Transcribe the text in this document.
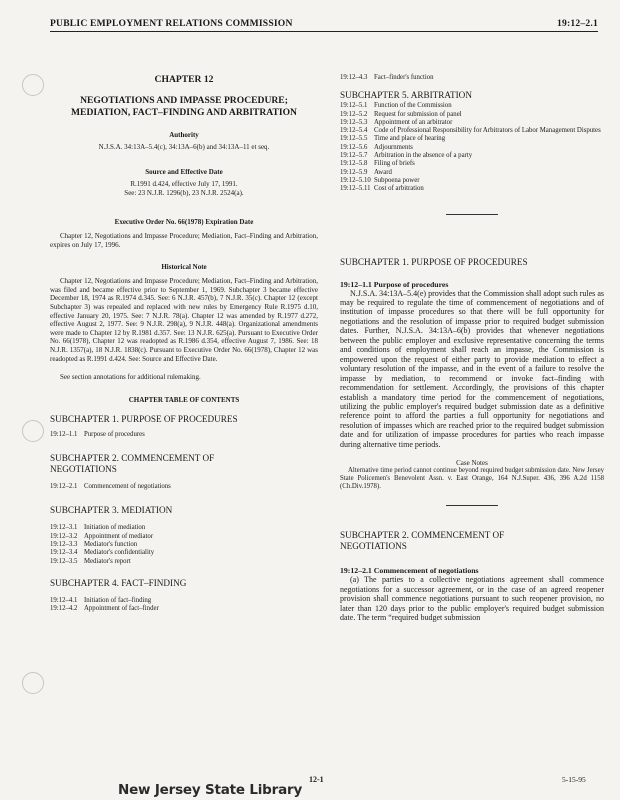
PUBLIC EMPLOYMENT RELATIONS COMMISSION	19:12–2.1
CHAPTER 12
NEGOTIATIONS AND IMPASSE PROCEDURE; MEDIATION, FACT–FINDING AND ARBITRATION
Authority
N.J.S.A. 34:13A–5.4(c), 34:13A–6(b) and 34:13A–11 et seq.
Source and Effective Date
R.1991 d.424, effective July 17, 1991.
See: 23 N.J.R. 1296(b), 23 N.J.R. 2524(a).
Executive Order No. 66(1978) Expiration Date
Chapter 12, Negotiations and Impasse Procedure; Mediation, Fact–Finding and Arbitration, expires on July 17, 1996.
Historical Note
Chapter 12, Negotiations and Impasse Procedure; Mediation, Fact–Finding and Arbitration, was filed and became effective prior to September 1, 1969. Subchapter 3 became effective December 18, 1974 as R.1974 d.345. See: 6 N.J.R. 457(b), 7 N.J.R. 35(c). Chapter 12 (except Subchapter 3) was repealed and replaced with new rules by Emergency Rule R.1975 d.10, effective January 20, 1975. See: 7 N.J.R. 78(a). Chapter 12 was amended by R.1977 d.272, effective August 2, 1977. See: 9 N.J.R. 298(a), 9 N.J.R. 448(a). Organizational amendments were made to Chapter 12 by R.1981 d.357. See: 13 N.J.R. 625(a). Pursuant to Executive Order No. 66(1978), Chapter 12 was readopted as R.1986 d.354, effective August 7, 1986. See: 18 N.J.R. 1357(a), 18 N.J.R. 1838(c). Pursuant to Executive Order No. 66(1978), Chapter 12 was readopted as R.1991 d.424. See: Source and Effective Date.
See section annotations for additional rulemaking.
CHAPTER TABLE OF CONTENTS
SUBCHAPTER 1. PURPOSE OF PROCEDURES
19:12–1.1 Purpose of procedures
SUBCHAPTER 2. COMMENCEMENT OF NEGOTIATIONS
19:12–2.1 Commencement of negotiations
SUBCHAPTER 3. MEDIATION
19:12–3.1 Initiation of mediation
19:12–3.2 Appointment of mediator
19:12–3.3 Mediator's function
19:12–3.4 Mediator's confidentiality
19:12–3.5 Mediator's report
SUBCHAPTER 4. FACT–FINDING
19:12–4.1 Initiation of fact–finding
19:12–4.2 Appointment of fact–finder
19:12–4.3 Fact–finder's function
SUBCHAPTER 5. ARBITRATION
19:12–5.1 Function of the Commission
19:12–5.2 Request for submission of panel
19:12–5.3 Appointment of an arbitrator
19:12–5.4 Code of Professional Responsibility for Arbitrators of Labor Management Disputes
19:12–5.5 Time and place of hearing
19:12–5.6 Adjournments
19:12–5.7 Arbitration in the absence of a party
19:12–5.8 Filing of briefs
19:12–5.9 Award
19:12–5.10 Subpoena power
19:12–5.11 Cost of arbitration
SUBCHAPTER 1. PURPOSE OF PROCEDURES
19:12–1.1 Purpose of procedures
N.J.S.A. 34:13A–5.4(e) provides that the Commission shall adopt such rules as may be required to regulate the time of commencement of negotiations and of institution of impasse procedures so that there will be full opportunity for negotiations and the resolution of impasse prior to required budget submission dates. Further, N.J.S.A. 34:13A–6(b) provides that whenever negotiations between the public employer and exclusive representative concerning the terms and conditions of employment shall reach an impasse, the Commission is empowered upon the request of either party to provide mediation to effect a voluntary resolution of the impasse, and in the event of a failure to resolve the impasse by mediation, to recommend or invoke fact–finding with recommendation for settlement. Accordingly, the provisions of this chapter establish a mandatory time period for the commencement of negotiations, utilizing the public employer's required budget submission date as a definitive reference point to afford the parties a full opportunity for negotiations and resolution of impasses which are reached prior to the required budget submission date and for utilization of impasse procedures for parties who reach impasse during alternative time periods.
Case Notes
Alternative time period cannot continue beyond required budget submission date. New Jersey State Policemen's Benevolent Assn. v. East Orange, 164 N.J.Super. 436, 396 A.2d 1158 (Ch.Div.1978).
SUBCHAPTER 2. COMMENCEMENT OF NEGOTIATIONS
19:12–2.1 Commencement of negotiations
(a) The parties to a collective negotiations agreement shall commence negotiations for a successor agreement, or in the case of an agreed reopener provision shall commence negotiations pursuant to such reopener provision, no later than 120 days prior to the public employer's required budget submission date. The term “required budget submission
12-1	5-15-95
New Jersey State Library
